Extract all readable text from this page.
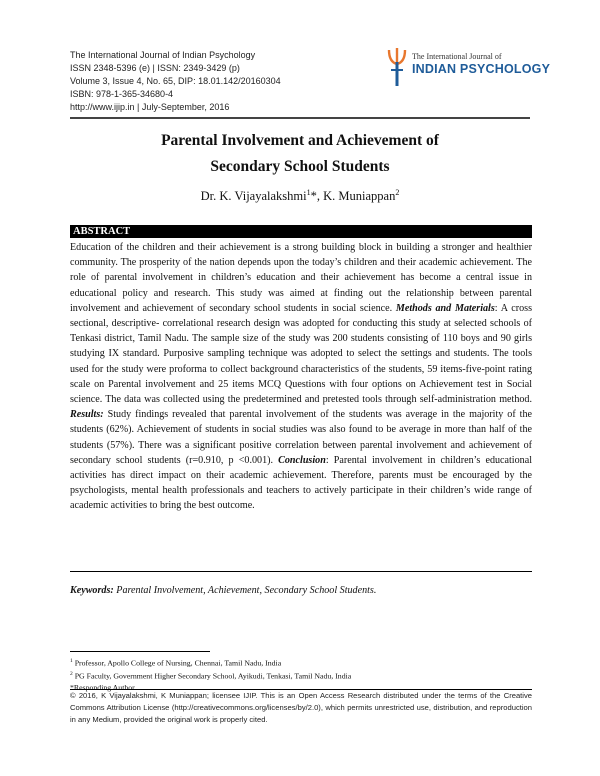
The International Journal of Indian Psychology
ISSN 2348-5396 (e) | ISSN: 2349-3429 (p)
Volume 3, Issue 4, No. 65, DIP: 18.01.142/20160304
ISBN: 978-1-365-34680-4
http://www.ijip.in | July-September, 2016
The International Journal of
INDIAN PSYCHOLOGY
Parental Involvement and Achievement of
Secondary School Students
Dr. K. Vijayalakshmi$^1$*, K. Muniappan$^2$
ABSTRACT
Education of the children and their achievement is a strong building block in building a stronger and healthier community. The prosperity of the nation depends upon the today’s children and their academic achievement. The role of parental involvement in children’s education and their achievement has become a central issue in educational policy and research. This study was aimed at finding out the relationship between parental involvement and achievement of secondary school students in social science. Methods and Materials: A cross sectional, descriptive- correlational research design was adopted for conducting this study at selected schools of Tenkasi district, Tamil Nadu. The sample size of the study was 200 students consisting of 110 boys and 90 girls studying IX standard. Purposive sampling technique was adopted to select the settings and students. The tools used for the study were proforma to collect background characteristics of the students, 59 items-five-point rating scale on Parental involvement and 25 items MCQ Questions with four options on Achievement test in Social science. The data was collected using the predetermined and pretested tools through self-administration method. Results: Study findings revealed that parental involvement of the students was average in the majority of the students (62%). Achievement of students in social studies was also found to be average in more than half of the students (57%). There was a significant positive correlation between parental involvement and achievement of secondary school students (r=0.910, p <0.001). Conclusion: Parental involvement in children’s educational activities has direct impact on their academic achievement. Therefore, parents must be encouraged by the psychologists, mental health professionals and teachers to actively participate in their children’s wide range of academic activities to bring the best outcome.
Keywords: Parental Involvement, Achievement, Secondary School Students.
$^1$ Professor, Apollo College of Nursing, Chennai, Tamil Nadu, India
$^2$ PG Faculty, Government Higher Secondary School, Ayikudi, Tenkasi, Tamil Nadu, India
*Responding Author
© 2016, K Vijayalakshmi, K Muniappan; licensee IJIP. This is an Open Access Research distributed under the terms of the Creative Commons Attribution License (http://creativecommons.org/licenses/by/2.0), which permits unrestricted use, distribution, and reproduction in any Medium, provided the original work is properly cited.
